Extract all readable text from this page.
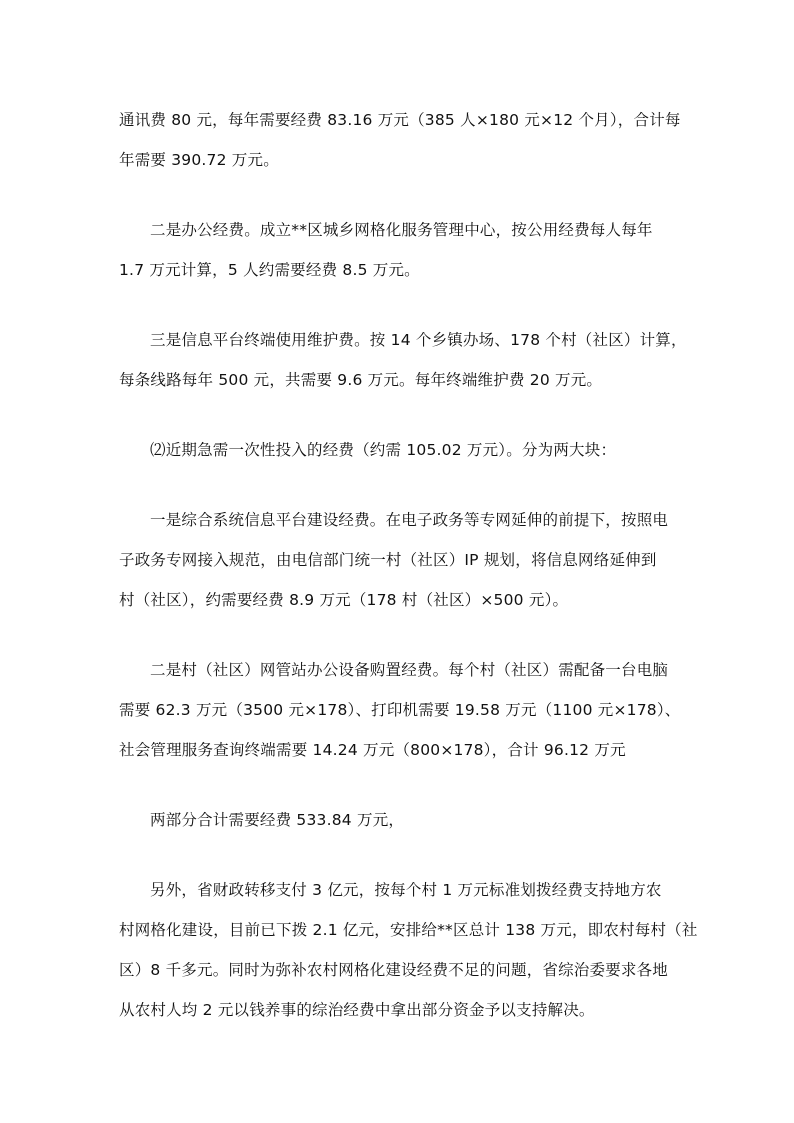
通讯费 80 元，每年需要经费 83.16 万元（385 人×180 元×12 个月），合计每
年需要 390.72 万元。

二是办公经费。成立**区城乡网格化服务管理中心，按公用经费每人每年
1.7 万元计算，5 人约需要经费 8.5 万元。

三是信息平台终端使用维护费。按 14 个乡镇办场、178 个村（社区）计算，
每条线路每年 500 元，共需要 9.6 万元。每年终端维护费 20 万元。

⑵近期急需一次性投入的经费（约需 105.02 万元）。分为两大块：

一是综合系统信息平台建设经费。在电子政务等专网延伸的前提下，按照电
子政务专网接入规范，由电信部门统一村（社区）IP 规划，将信息网络延伸到
村（社区），约需要经费 8.9 万元（178 村（社区）×500 元）。

二是村（社区）网管站办公设备购置经费。每个村（社区）需配备一台电脑
需要 62.3 万元（3500 元×178）、打印机需要 19.58 万元（1100 元×178）、
社会管理服务查询终端需要 14.24 万元（800×178），合计 96.12 万元

两部分合计需要经费 533.84 万元，

另外，省财政转移支付 3 亿元，按每个村 1 万元标准划拨经费支持地方农
村网格化建设，目前已下拨 2.1 亿元，安排给**区总计 138 万元，即农村每村（社
区）8 千多元。同时为弥补农村网格化建设经费不足的问题，省综治委要求各地
从农村人均 2 元以钱养事的综治经费中拿出部分资金予以支持解决。
